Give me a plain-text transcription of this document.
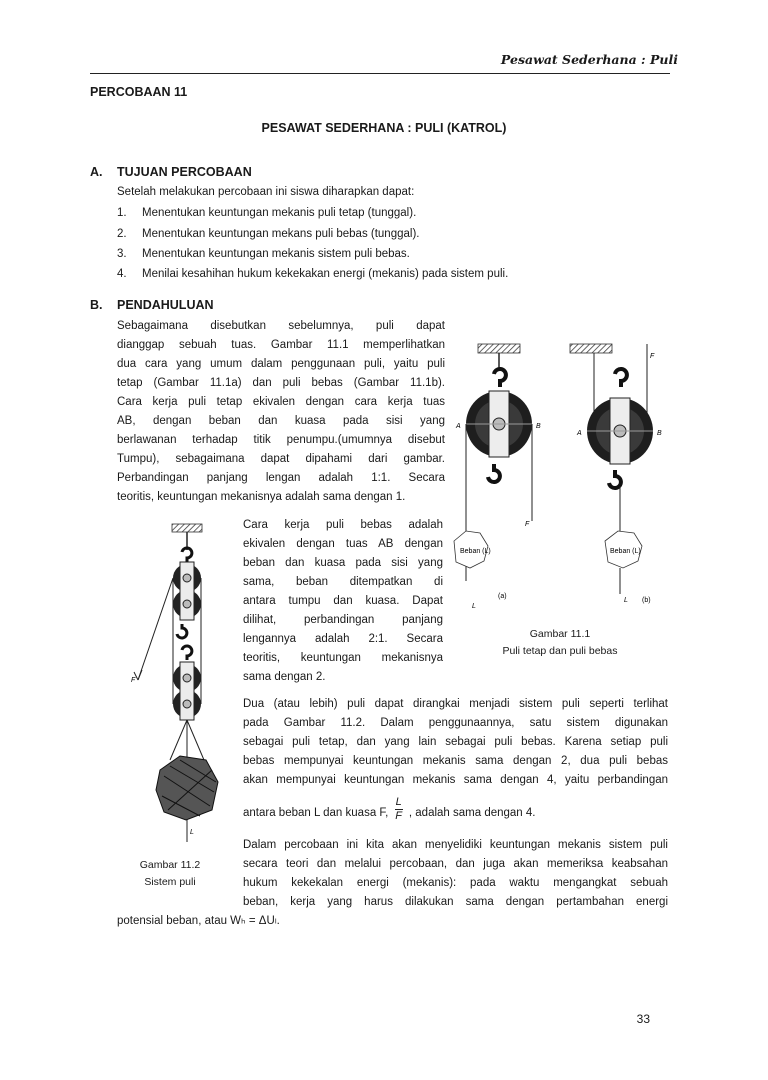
Pesawat Sederhana : Puli
PERCOBAAN 11
PESAWAT SEDERHANA : PULI (KATROL)
A. TUJUAN PERCOBAAN
Setelah melakukan percobaan ini siswa diharapkan dapat:
1. Menentukan keuntungan mekanis puli tetap (tunggal).
2. Menentukan keuntungan mekans puli bebas (tunggal).
3. Menentukan keuntungan mekanis sistem puli bebas.
4. Menilai kesahihan hukum kekekakan energi (mekanis) pada sistem puli.
B. PENDAHULUAN
Sebagaimana disebutkan sebelumnya, puli dapat
dianggap sebuah tuas. Gambar 11.1 memperlihatkan
dua cara yang umum dalam penggunaan puli, yaitu puli
tetap (Gambar 11.1a) dan puli bebas (Gambar 11.1b).
Cara kerja puli tetap ekivalen dengan cara kerja tuas
AB, dengan beban dan kuasa pada sisi yang
berlawanan terhadap titik penumpu.(umumnya disebut
Tumpu), sebagaimana dapat dipahami dari gambar.
Perbandingan panjang lengan adalah 1:1. Secara
teoritis, keuntungan mekanisnya adalah sama dengan 1.
Cara kerja puli bebas adalah
ekivalen dengan tuas AB dengan
beban dan kuasa pada sisi yang
sama, beban ditempatkan di
antara tumpu dan kuasa. Dapat
dilihat, perbandingan panjang
lengannya adalah 2:1. Secara
teoritis, keuntungan mekanisnya
sama dengan 2.
Dua (atau lebih) puli dapat dirangkai menjadi sistem puli seperti terlihat
pada Gambar 11.2. Dalam penggunaannya, satu sistem digunakan
sebagai puli tetap, dan yang lain sebagai puli bebas. Karena setiap puli
bebas mempunyai keuntungan mekanis sama dengan 2, dua puli bebas
akan mempunyai keuntungan mekanis sama dengan 4, yaitu perbandingan
antara beban L dan kuasa F, $\frac{L}{F}$ , adalah sama dengan 4.
Dalam percobaan ini kita akan menyelidiki keuntungan mekanis sistem puli
secara teori dan melalui percobaan, dan juga akan memeriksa keabsahan
hukum kekekalan energi (mekanis): pada waktu mengangkat sebuah
beban, kerja yang harus dilakukan sama dengan pertambahan energi
potensial beban, atau Wₕ = ΔUₗ.
A	B
F
Beban (L)
L
(a)
F
A	B
Beban (L)
L (b)
Gambar 11.1
Puli tetap dan puli bebas
F
L
Gambar 11.2
Sistem puli
33
